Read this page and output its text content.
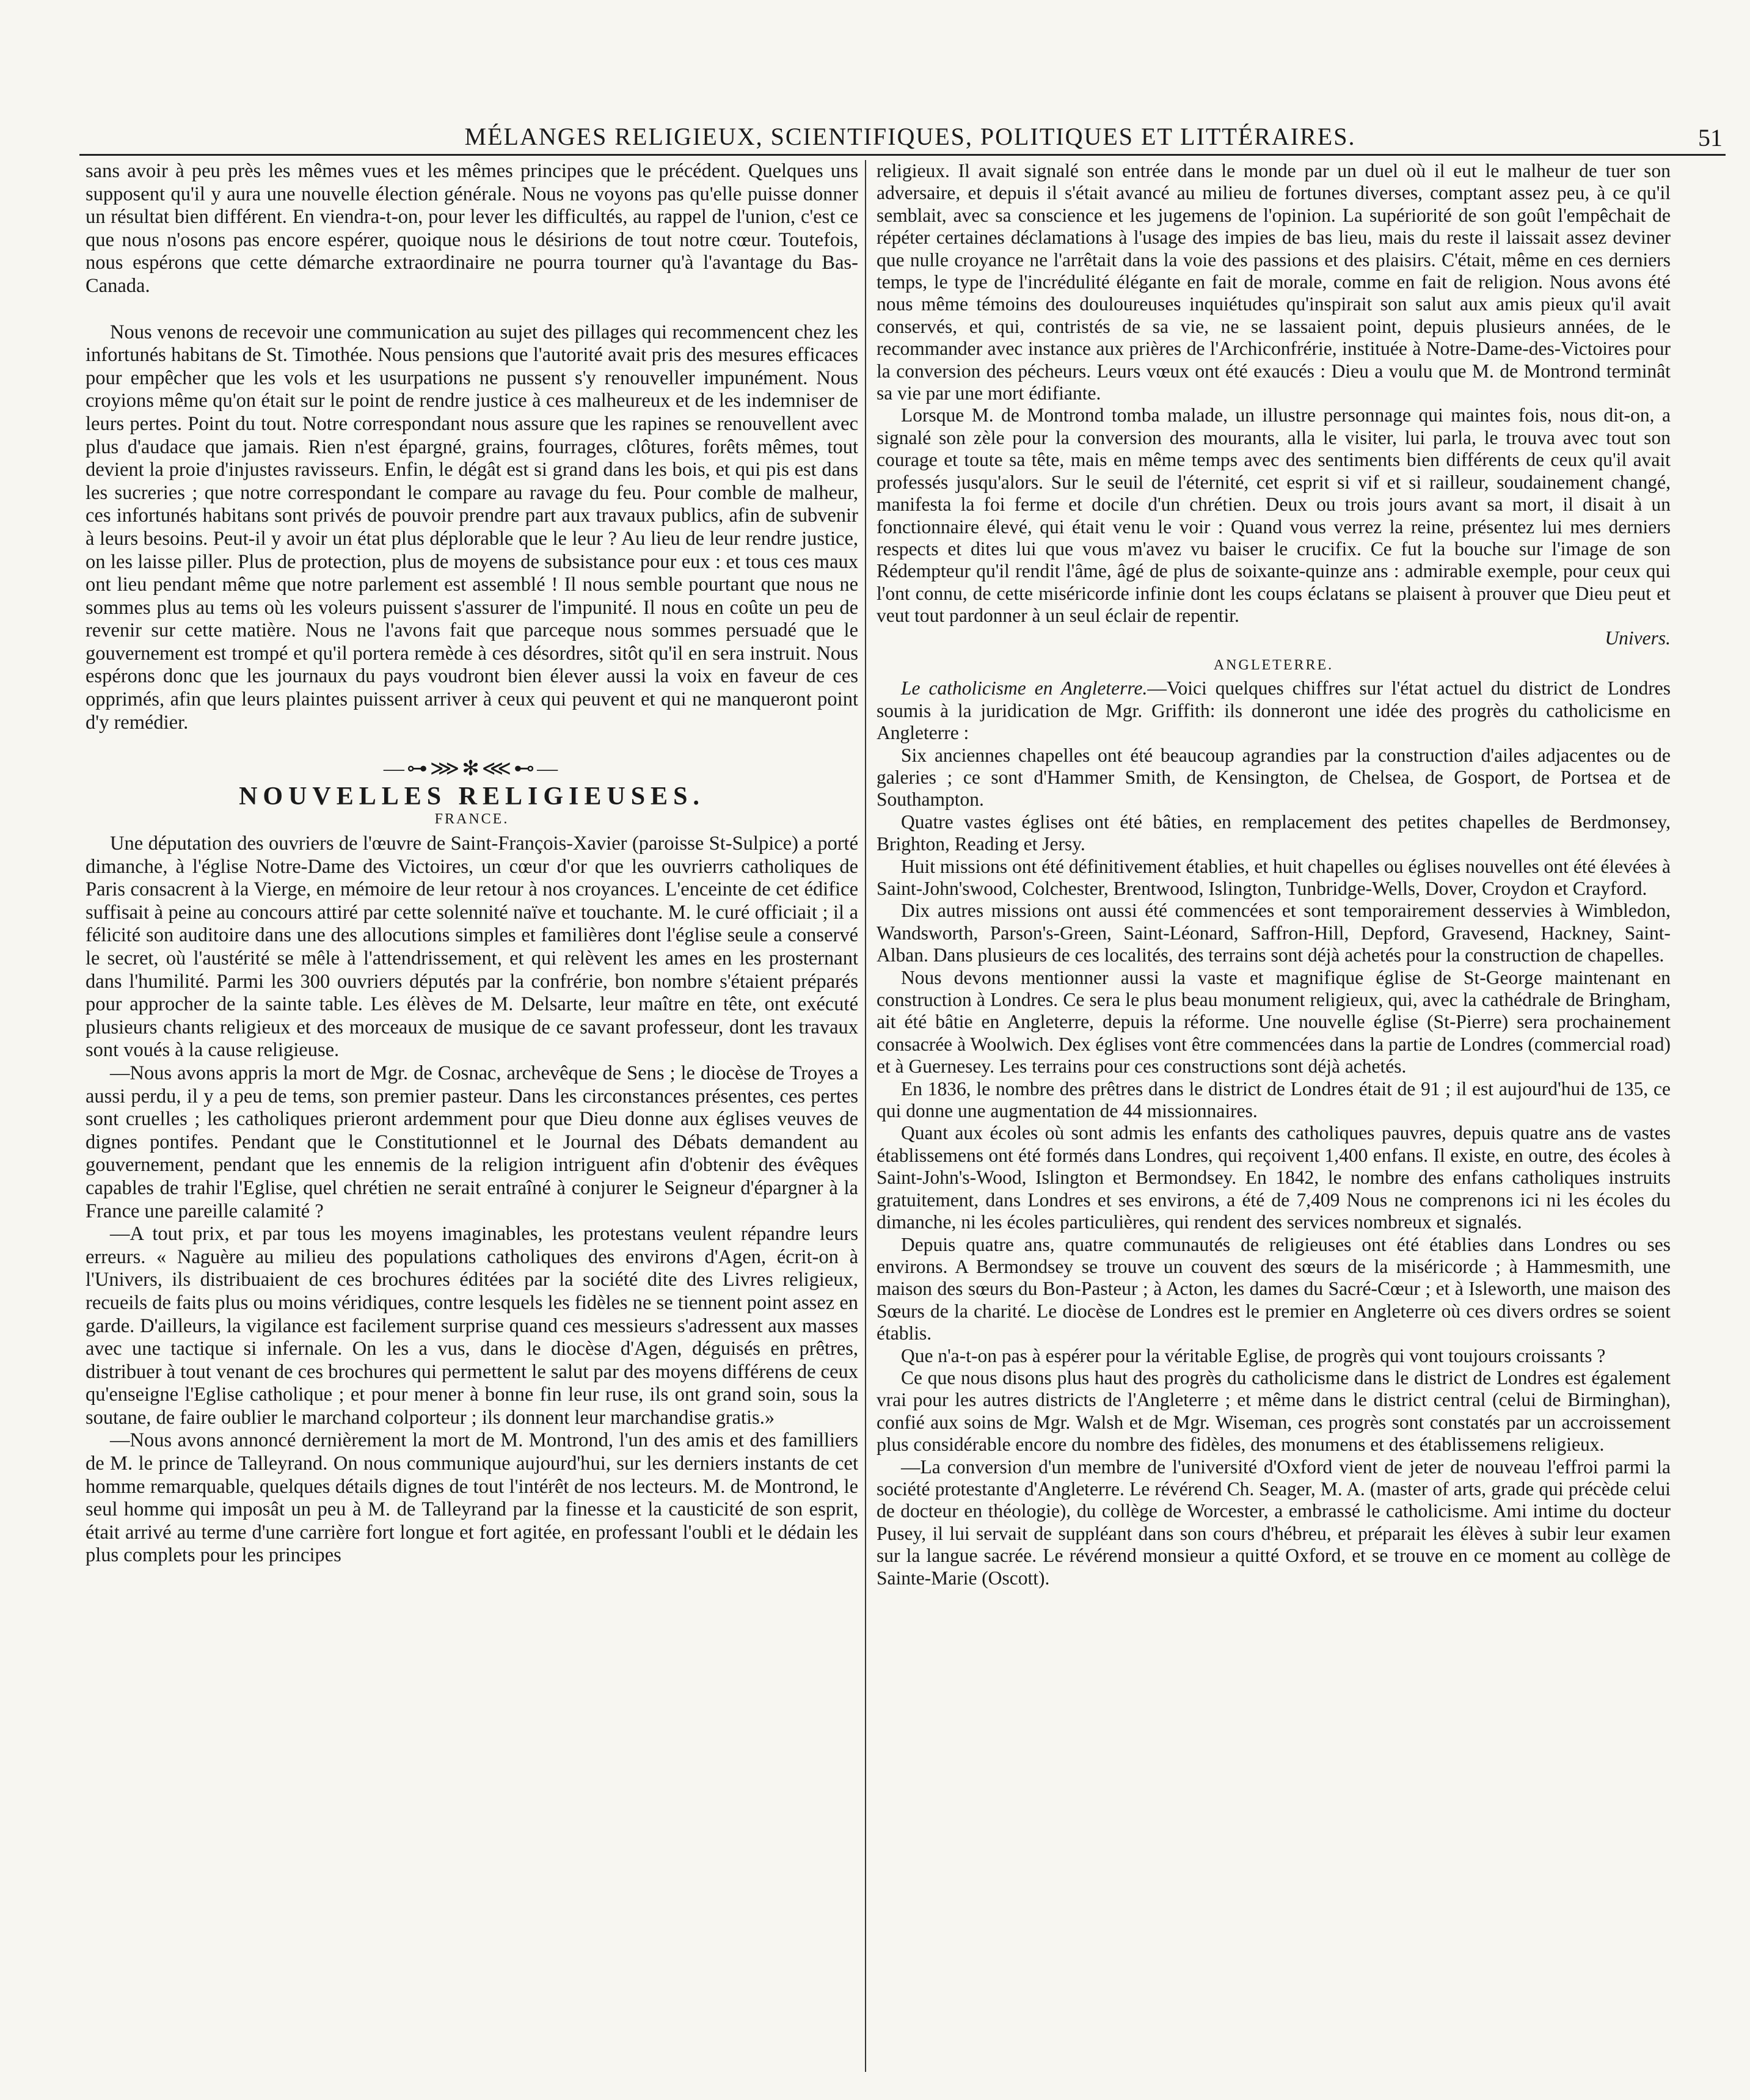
MÉLANGES RELIGIEUX, SCIENTIFIQUES, POLITIQUES ET LITTÉRAIRES.	51

sans avoir à peu près les mêmes vues et les mêmes principes que le précédent. Quelques uns supposent qu'il y aura une nouvelle élection générale. Nous ne voyons pas qu'elle puisse donner un résultat bien différent. En viendra-t-on, pour lever les difficultés, au rappel de l'union, c'est ce que nous n'osons pas encore espérer, quoique nous le désirions de tout notre cœur. Toutefois, nous espérons que cette démarche extraordinaire ne pourra tourner qu'à l'avantage du Bas-Canada.

Nous venons de recevoir une communication au sujet des pillages qui recommencent chez les infortunés habitans de St. Timothée. Nous pensions que l'autorité avait pris des mesures efficaces pour empêcher que les vols et les usurpations ne pussent s'y renouveller impunément. Nous croyions même qu'on était sur le point de rendre justice à ces malheureux et de les indemniser de leurs pertes. Point du tout. Notre correspondant nous assure que les rapines se renouvellent avec plus d'audace que jamais. Rien n'est épargné, grains, fourrages, clôtures, forêts mêmes, tout devient la proie d'injustes ravisseurs. Enfin, le dégât est si grand dans les bois, et qui pis est dans les sucreries ; que notre correspondant le compare au ravage du feu. Pour comble de malheur, ces infortunés habitans sont privés de pouvoir prendre part aux travaux publics, afin de subvenir à leurs besoins. Peut-il y avoir un état plus déplorable que le leur ? Au lieu de leur rendre justice, on les laisse piller. Plus de protection, plus de moyens de subsistance pour eux : et tous ces maux ont lieu pendant même que notre parlement est assemblé ! Il nous semble pourtant que nous ne sommes plus au tems où les voleurs puissent s'assurer de l'impunité. Il nous en coûte un peu de revenir sur cette matière. Nous ne l'avons fait que parceque nous sommes persuadé que le gouvernement est trompé et qu'il portera remède à ces désordres, sitôt qu'il en sera instruit. Nous espérons donc que les journaux du pays voudront bien élever aussi la voix en faveur de ces opprimés, afin que leurs plaintes puissent arriver à ceux qui peuvent et qui ne manqueront point d'y remédier.

—⊶⋙✻⋘⊷—
NOUVELLES RELIGIEUSES.
FRANCE.

Une députation des ouvriers de l'œuvre de Saint-François-Xavier (paroisse St-Sulpice) a porté dimanche, à l'église Notre-Dame des Victoires, un cœur d'or que les ouvrierrs catholiques de Paris consacrent à la Vierge, en mémoire de leur retour à nos croyances. L'enceinte de cet édifice suffisait à peine au concours attiré par cette solennité naïve et touchante. M. le curé officiait ; il a félicité son auditoire dans une des allocutions simples et familières dont l'église seule a conservé le secret, où l'austérité se mêle à l'attendrissement, et qui relèvent les ames en les prosternant dans l'humilité. Parmi les 300 ouvriers députés par la confrérie, bon nombre s'étaient préparés pour approcher de la sainte table. Les élèves de M. Delsarte, leur maître en tête, ont exécuté plusieurs chants religieux et des morceaux de musique de ce savant professeur, dont les travaux sont voués à la cause religieuse.

—Nous avons appris la mort de Mgr. de Cosnac, archevêque de Sens ; le diocèse de Troyes a aussi perdu, il y a peu de tems, son premier pasteur. Dans les circonstances présentes, ces pertes sont cruelles ; les catholiques prieront ardemment pour que Dieu donne aux églises veuves de dignes pontifes. Pendant que le Constitutionnel et le Journal des Débats demandent au gouvernement, pendant que les ennemis de la religion intriguent afin d'obtenir des évêques capables de trahir l'Eglise, quel chrétien ne serait entraîné à conjurer le Seigneur d'épargner à la France une pareille calamité ?

—A tout prix, et par tous les moyens imaginables, les protestans veulent répandre leurs erreurs. « Naguère au milieu des populations catholiques des environs d'Agen, écrit-on à l'Univers, ils distribuaient de ces brochures éditées par la société dite des Livres religieux, recueils de faits plus ou moins véridiques, contre lesquels les fidèles ne se tiennent point assez en garde. D'ailleurs, la vigilance est facilement surprise quand ces messieurs s'adressent aux masses avec une tactique si infernale. On les a vus, dans le diocèse d'Agen, déguisés en prêtres, distribuer à tout venant de ces brochures qui permettent le salut par des moyens différens de ceux qu'enseigne l'Eglise catholique ; et pour mener à bonne fin leur ruse, ils ont grand soin, sous la soutane, de faire oublier le marchand colporteur ; ils donnent leur marchandise gratis.»

—Nous avons annoncé dernièrement la mort de M. Montrond, l'un des amis et des familliers de M. le prince de Talleyrand. On nous communique aujourd'hui, sur les derniers instants de cet homme remarquable, quelques détails dignes de tout l'intérêt de nos lecteurs. M. de Montrond, le seul homme qui imposât un peu à M. de Talleyrand par la finesse et la causticité de son esprit, était arrivé au terme d'une carrière fort longue et fort agitée, en professant l'oubli et le dédain les plus complets pour les principes

religieux. Il avait signalé son entrée dans le monde par un duel où il eut le malheur de tuer son adversaire, et depuis il s'était avancé au milieu de fortunes diverses, comptant assez peu, à ce qu'il semblait, avec sa conscience et les jugemens de l'opinion. La supériorité de son goût l'empêchait de répéter certaines déclamations à l'usage des impies de bas lieu, mais du reste il laissait assez deviner que nulle croyance ne l'arrêtait dans la voie des passions et des plaisirs. C'était, même en ces derniers temps, le type de l'incrédulité élégante en fait de morale, comme en fait de religion. Nous avons été nous même témoins des douloureuses inquiétudes qu'inspirait son salut aux amis pieux qu'il avait conservés, et qui, contristés de sa vie, ne se lassaient point, depuis plusieurs années, de le recommander avec instance aux prières de l'Archiconfrérie, instituée à Notre-Dame-des-Victoires pour la conversion des pécheurs. Leurs vœux ont été exaucés : Dieu a voulu que M. de Montrond terminât sa vie par une mort édifiante.

Lorsque M. de Montrond tomba malade, un illustre personnage qui maintes fois, nous dit-on, a signalé son zèle pour la conversion des mourants, alla le visiter, lui parla, le trouva avec tout son courage et toute sa tête, mais en même temps avec des sentiments bien différents de ceux qu'il avait professés jusqu'alors. Sur le seuil de l'éternité, cet esprit si vif et si railleur, soudainement changé, manifesta la foi ferme et docile d'un chrétien. Deux ou trois jours avant sa mort, il disait à un fonctionnaire élevé, qui était venu le voir : Quand vous verrez la reine, présentez lui mes derniers respects et dites lui que vous m'avez vu baiser le crucifix. Ce fut la bouche sur l'image de son Rédempteur qu'il rendit l'âme, âgé de plus de soixante-quinze ans : admirable exemple, pour ceux qui l'ont connu, de cette miséricorde infinie dont les coups éclatans se plaisent à prouver que Dieu peut et veut tout pardonner à un seul éclair de repentir.

Univers.
ANGLETERRE.

Le catholicisme en Angleterre.—Voici quelques chiffres sur l'état actuel du district de Londres soumis à la juridication de Mgr. Griffith: ils donneront une idée des progrès du catholicisme en Angleterre :

Six anciennes chapelles ont été beaucoup agrandies par la construction d'ailes adjacentes ou de galeries ; ce sont d'Hammer Smith, de Kensington, de Chelsea, de Gosport, de Portsea et de Southampton.

Quatre vastes églises ont été bâties, en remplacement des petites chapelles de Berdmonsey, Brighton, Reading et Jersy.

Huit missions ont été définitivement établies, et huit chapelles ou églises nouvelles ont été élevées à Saint-John'swood, Colchester, Brentwood, Islington, Tunbridge-Wells, Dover, Croydon et Crayford.

Dix autres missions ont aussi été commencées et sont temporairement desservies à Wimbledon, Wandsworth, Parson's-Green, Saint-Léonard, Saffron-Hill, Depford, Gravesend, Hackney, Saint-Alban. Dans plusieurs de ces localités, des terrains sont déjà achetés pour la construction de chapelles.

Nous devons mentionner aussi la vaste et magnifique église de St-George maintenant en construction à Londres. Ce sera le plus beau monument religieux, qui, avec la cathédrale de Bringham, ait été bâtie en Angleterre, depuis la réforme. Une nouvelle église (St-Pierre) sera prochainement consacrée à Woolwich. Dex églises vont être commencées dans la partie de Londres (commercial road) et à Guernesey. Les terrains pour ces constructions sont déjà achetés.

En 1836, le nombre des prêtres dans le district de Londres était de 91 ; il est aujourd'hui de 135, ce qui donne une augmentation de 44 missionnaires.

Quant aux écoles où sont admis les enfants des catholiques pauvres, depuis quatre ans de vastes établissemens ont été formés dans Londres, qui reçoivent 1,400 enfans. Il existe, en outre, des écoles à Saint-John's-Wood, Islington et Bermondsey. En 1842, le nombre des enfans catholiques instruits gratuitement, dans Londres et ses environs, a été de 7,409 Nous ne comprenons ici ni les écoles du dimanche, ni les écoles particulières, qui rendent des services nombreux et signalés.

Depuis quatre ans, quatre communautés de religieuses ont été établies dans Londres ou ses environs. A Bermondsey se trouve un couvent des sœurs de la miséricorde ; à Hammesmith, une maison des sœurs du Bon-Pasteur ; à Acton, les dames du Sacré-Cœur ; et à Isleworth, une maison des Sœurs de la charité. Le diocèse de Londres est le premier en Angleterre où ces divers ordres se soient établis.

Que n'a-t-on pas à espérer pour la véritable Eglise, de progrès qui vont toujours croissants ?

Ce que nous disons plus haut des progrès du catholicisme dans le district de Londres est également vrai pour les autres districts de l'Angleterre ; et même dans le district central (celui de Birminghan), confié aux soins de Mgr. Walsh et de Mgr. Wiseman, ces progrès sont constatés par un accroissement plus considérable encore du nombre des fidèles, des monumens et des établissemens religieux.

—La conversion d'un membre de l'université d'Oxford vient de jeter de nouveau l'effroi parmi la société protestante d'Angleterre. Le révérend Ch. Seager, M. A. (master of arts, grade qui précède celui de docteur en théologie), du collège de Worcester, a embrassé le catholicisme. Ami intime du docteur Pusey, il lui servait de suppléant dans son cours d'hébreu, et préparait les élèves à subir leur examen sur la langue sacrée. Le révérend monsieur a quitté Oxford, et se trouve en ce moment au collège de Sainte-Marie (Oscott).
